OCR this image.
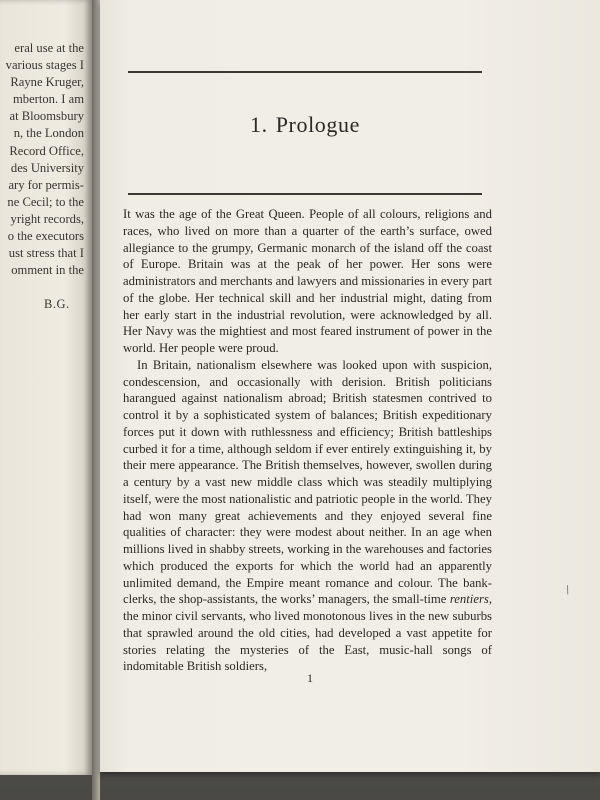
eral use at the
various stages I
Rayne Kruger,
mberton. I am
at Bloomsbury
n, the London
Record Office,
des University
ary for permis-
ne Cecil; to the
yright records,
o the executors
ust stress that I
omment in the
B.G.
1. Prologue

It was the age of the Great Queen. People of all colours, religions and races, who lived on more than a quarter of the earth’s surface, owed allegiance to the grumpy, Germanic monarch of the island off the coast of Europe. Britain was at the peak of her power. Her sons were administrators and merchants and lawyers and missionaries in every part of the globe. Her technical skill and her industrial might, dating from her early start in the industrial revolution, were acknowledged by all. Her Navy was the mightiest and most feared instrument of power in the world. Her people were proud.

In Britain, nationalism elsewhere was looked upon with suspicion, condescension, and occasionally with derision. British politicians harangued against nationalism abroad; British statesmen contrived to control it by a sophisticated system of balances; British expeditionary forces put it down with ruthlessness and efficiency; British battleships curbed it for a time, although seldom if ever entirely extinguishing it, by their mere appearance. The British themselves, however, swollen during a century by a vast new middle class which was steadily multiplying itself, were the most nationalistic and patriotic people in the world. They had won many great achievements and they enjoyed several fine qualities of character: they were modest about neither. In an age when millions lived in shabby streets, working in the warehouses and factories which produced the exports for which the world had an apparently unlimited demand, the Empire meant romance and colour. The bank-clerks, the shop-assistants, the works’ managers, the small-time rentiers, the minor civil servants, who lived monotonous lives in the new suburbs that sprawled around the old cities, had developed a vast appetite for stories relating the mysteries of the East, music-hall songs of indomitable British soldiers,

1
/
